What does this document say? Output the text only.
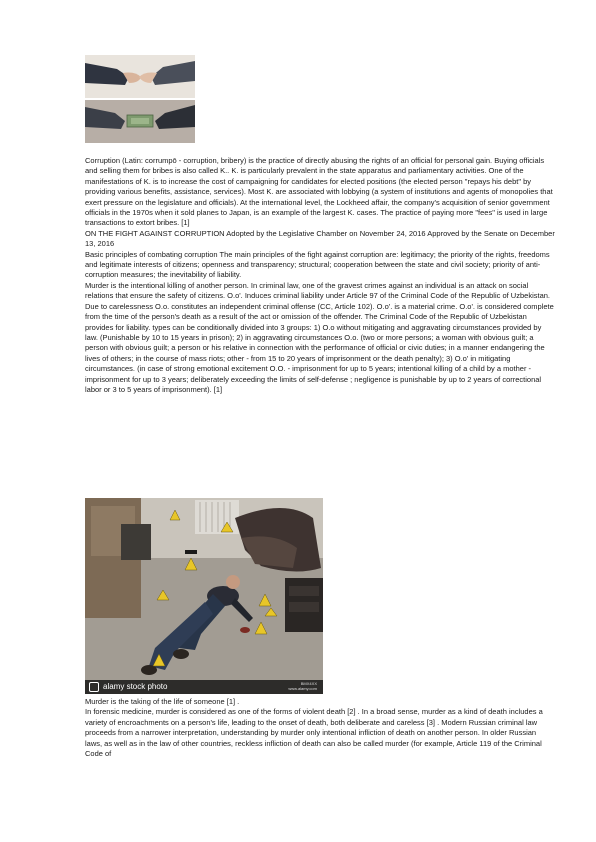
Corruption (Latin: corrumpō - corruption, bribery) is the practice of directly abusing the rights of an official for personal gain. Buying officials and selling them for bribes is also called K.. K. is particularly prevalent in the state apparatus and parliamentary activities. One of the manifestations of K. is to increase the cost of campaigning for candidates for elected positions (the elected person "repays his debt" by providing various benefits, assistance, services). Most K. are associated with lobbying (a system of institutions and agents of monopolies that exert pressure on the legislature and officials). At the international level, the Lockheed affair, the company's acquisition of senior government officials in the 1970s when it sold planes to Japan, is an example of the largest K. cases. The practice of paying more "fees" is used in large transactions to extort bribes. [1]

ON THE FIGHT AGAINST CORRUPTION Adopted by the Legislative Chamber on November 24, 2016 Approved by the Senate on December 13, 2016

Basic principles of combating corruption The main principles of the fight against corruption are: legitimacy; the priority of the rights, freedoms and legitimate interests of citizens; openness and transparency; structural; cooperation between the state and civil society; priority of anti-corruption measures; the inevitability of liability.

Murder is the intentional killing of another person. In criminal law, one of the gravest crimes against an individual is an attack on social relations that ensure the safety of citizens. O.o'. Induces criminal liability under Article 97 of the Criminal Code of the Republic of Uzbekistan. Due to carelessness O.o. constitutes an independent criminal offense (CC, Article 102). O.o'. is a material crime. O.o'. is considered complete from the time of the person's death as a result of the act or omission of the offender. The Criminal Code of the Republic of Uzbekistan provides for liability. types can be conditionally divided into 3 groups: 1) O.o without mitigating and aggravating circumstances provided by law. (Punishable by 10 to 15 years in prison); 2) in aggravating circumstances O.o. (two or more persons; a woman with obvious guilt; a person with obvious guilt; a person or his relative in connection with the performance of official or civic duties; in a manner endangering the lives of others; in the course of mass riots; other - from 15 to 20 years of imprisonment or the death penalty); 3) O.o' in mitigating circumstances. (in case of strong emotional excitement O.O. - imprisonment for up to 5 years; intentional killing of a child by a mother - imprisonment for up to 3 years; deliberately exceeding the limits of self-defense ; negligence is punishable by up to 2 years of correctional labor or 3 to 5 years of imprisonment). [1]

alamy stock photo	BMX4XX
www.alamy.com

Murder is the taking of the life of someone [1] .

In forensic medicine, murder is considered as one of the forms of violent death [2] . In a broad sense, murder as a kind of death includes a variety of encroachments on a person's life, leading to the onset of death, both deliberate and careless [3] . Modern Russian criminal law proceeds from a narrower interpretation, understanding by murder only intentional infliction of death on another person. In older Russian laws, as well as in the law of other countries, reckless infliction of death can also be called murder (for example, Article 119 of the Criminal Code of
